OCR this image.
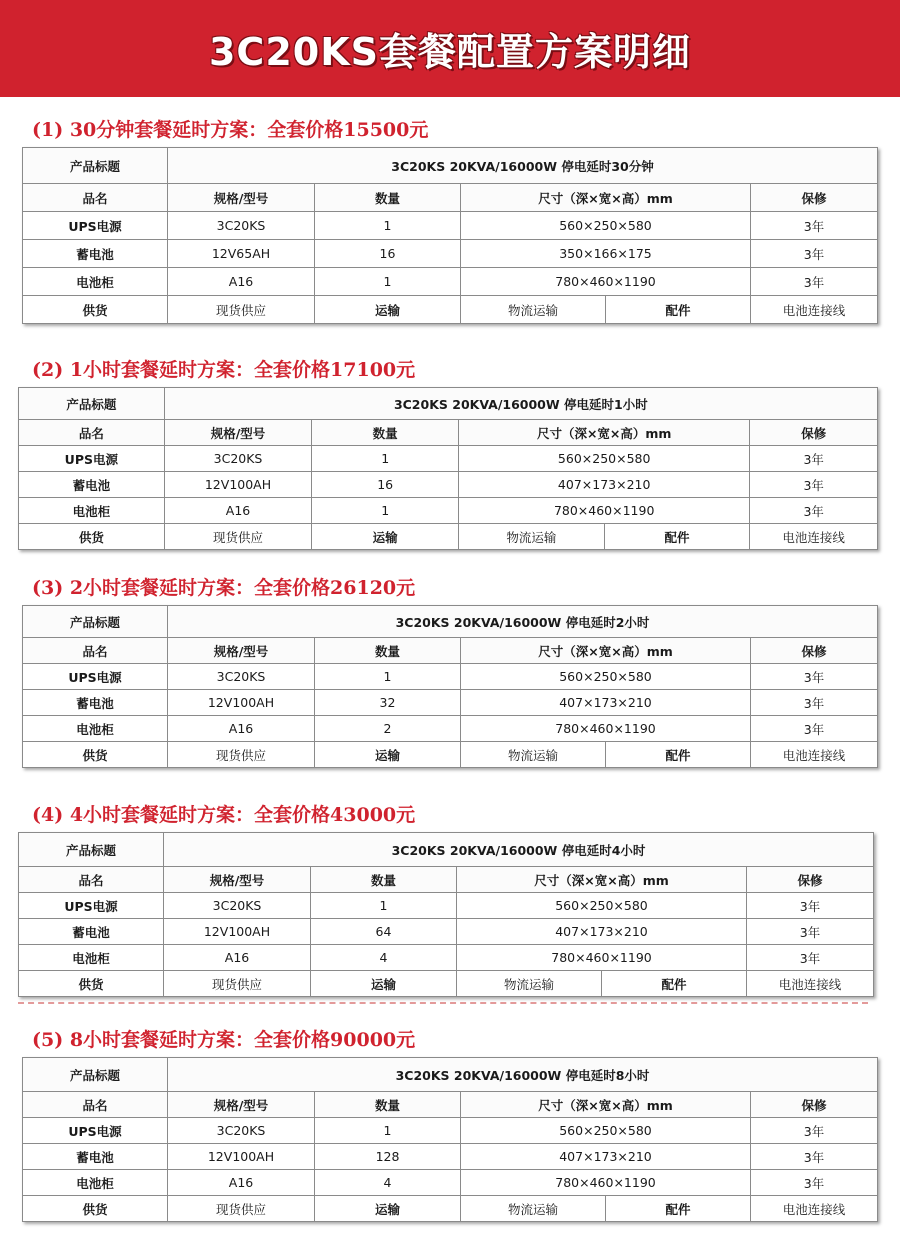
3C20KS套餐配置方案明细
(1) 30分钟套餐延时方案：全套价格15500元
产品标题	3C20KS 20KVA/16000W 停电延时30分钟				
品名	规格/型号	数量	尺寸（深×宽×高）mm		保修
UPS电源	3C20KS	1	560×250×580		3年
蓄电池	12V65AH	16	350×166×175		3年
电池柜	A16	1	780×460×1190		3年
供货	现货供应	运输	物流运输	配件	电池连接线
(2) 1小时套餐延时方案：全套价格17100元
产品标题	3C20KS 20KVA/16000W 停电延时1小时				
品名	规格/型号	数量	尺寸（深×宽×高）mm		保修
UPS电源	3C20KS	1	560×250×580		3年
蓄电池	12V100AH	16	407×173×210		3年
电池柜	A16	1	780×460×1190		3年
供货	现货供应	运输	物流运输	配件	电池连接线
(3) 2小时套餐延时方案：全套价格26120元
产品标题	3C20KS 20KVA/16000W 停电延时2小时				
品名	规格/型号	数量	尺寸（深×宽×高）mm		保修
UPS电源	3C20KS	1	560×250×580		3年
蓄电池	12V100AH	32	407×173×210		3年
电池柜	A16	2	780×460×1190		3年
供货	现货供应	运输	物流运输	配件	电池连接线
(4) 4小时套餐延时方案：全套价格43000元
产品标题	3C20KS 20KVA/16000W 停电延时4小时				
品名	规格/型号	数量	尺寸（深×宽×高）mm		保修
UPS电源	3C20KS	1	560×250×580		3年
蓄电池	12V100AH	64	407×173×210		3年
电池柜	A16	4	780×460×1190		3年
供货	现货供应	运输	物流运输	配件	电池连接线
(5) 8小时套餐延时方案：全套价格90000元
产品标题	3C20KS 20KVA/16000W 停电延时8小时				
品名	规格/型号	数量	尺寸（深×宽×高）mm		保修
UPS电源	3C20KS	1	560×250×580		3年
蓄电池	12V100AH	128	407×173×210		3年
电池柜	A16	4	780×460×1190		3年
供货	现货供应	运输	物流运输	配件	电池连接线
